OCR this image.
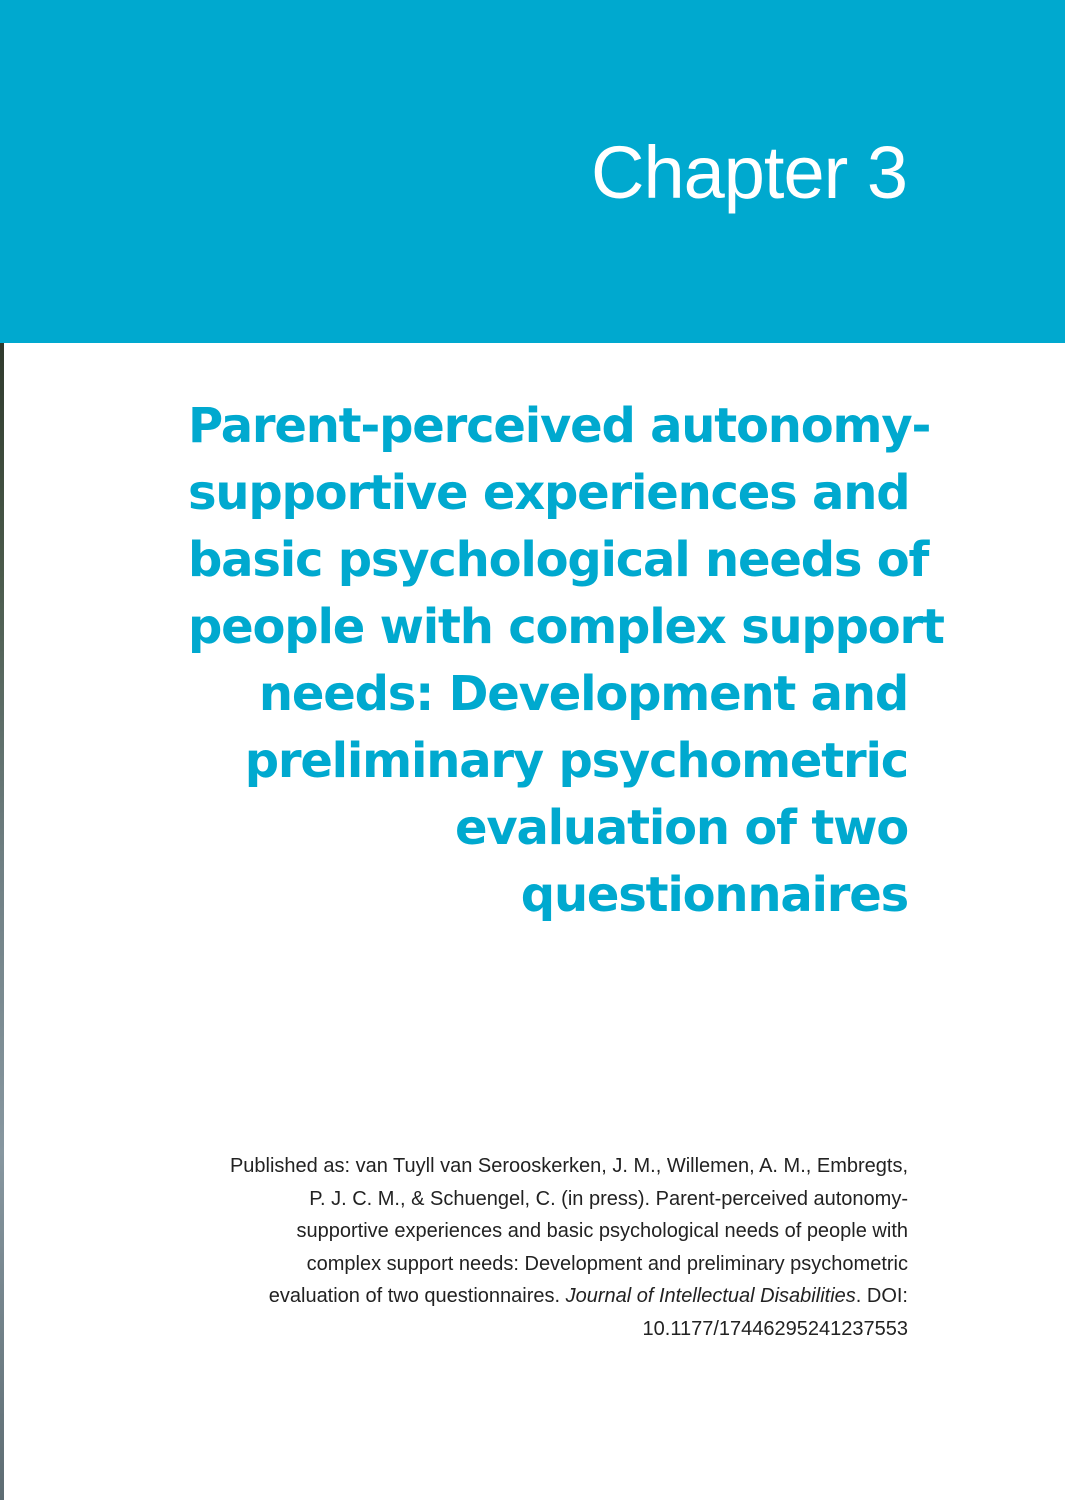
Chapter 3
Parent-perceived autonomy-
supportive experiences and
basic psychological needs of
people with complex support
needs: Development and
preliminary psychometric
evaluation of two
questionnaires

Published as: van Tuyll van Serooskerken, J. M., Willemen, A. M., Embregts,
P. J. C. M., & Schuengel, C. (in press). Parent-perceived autonomy-
supportive experiences and basic psychological needs of people with
complex support needs: Development and preliminary psychometric
evaluation of two questionnaires. Journal of Intellectual Disabilities. DOI:
10.1177/17446295241237553
